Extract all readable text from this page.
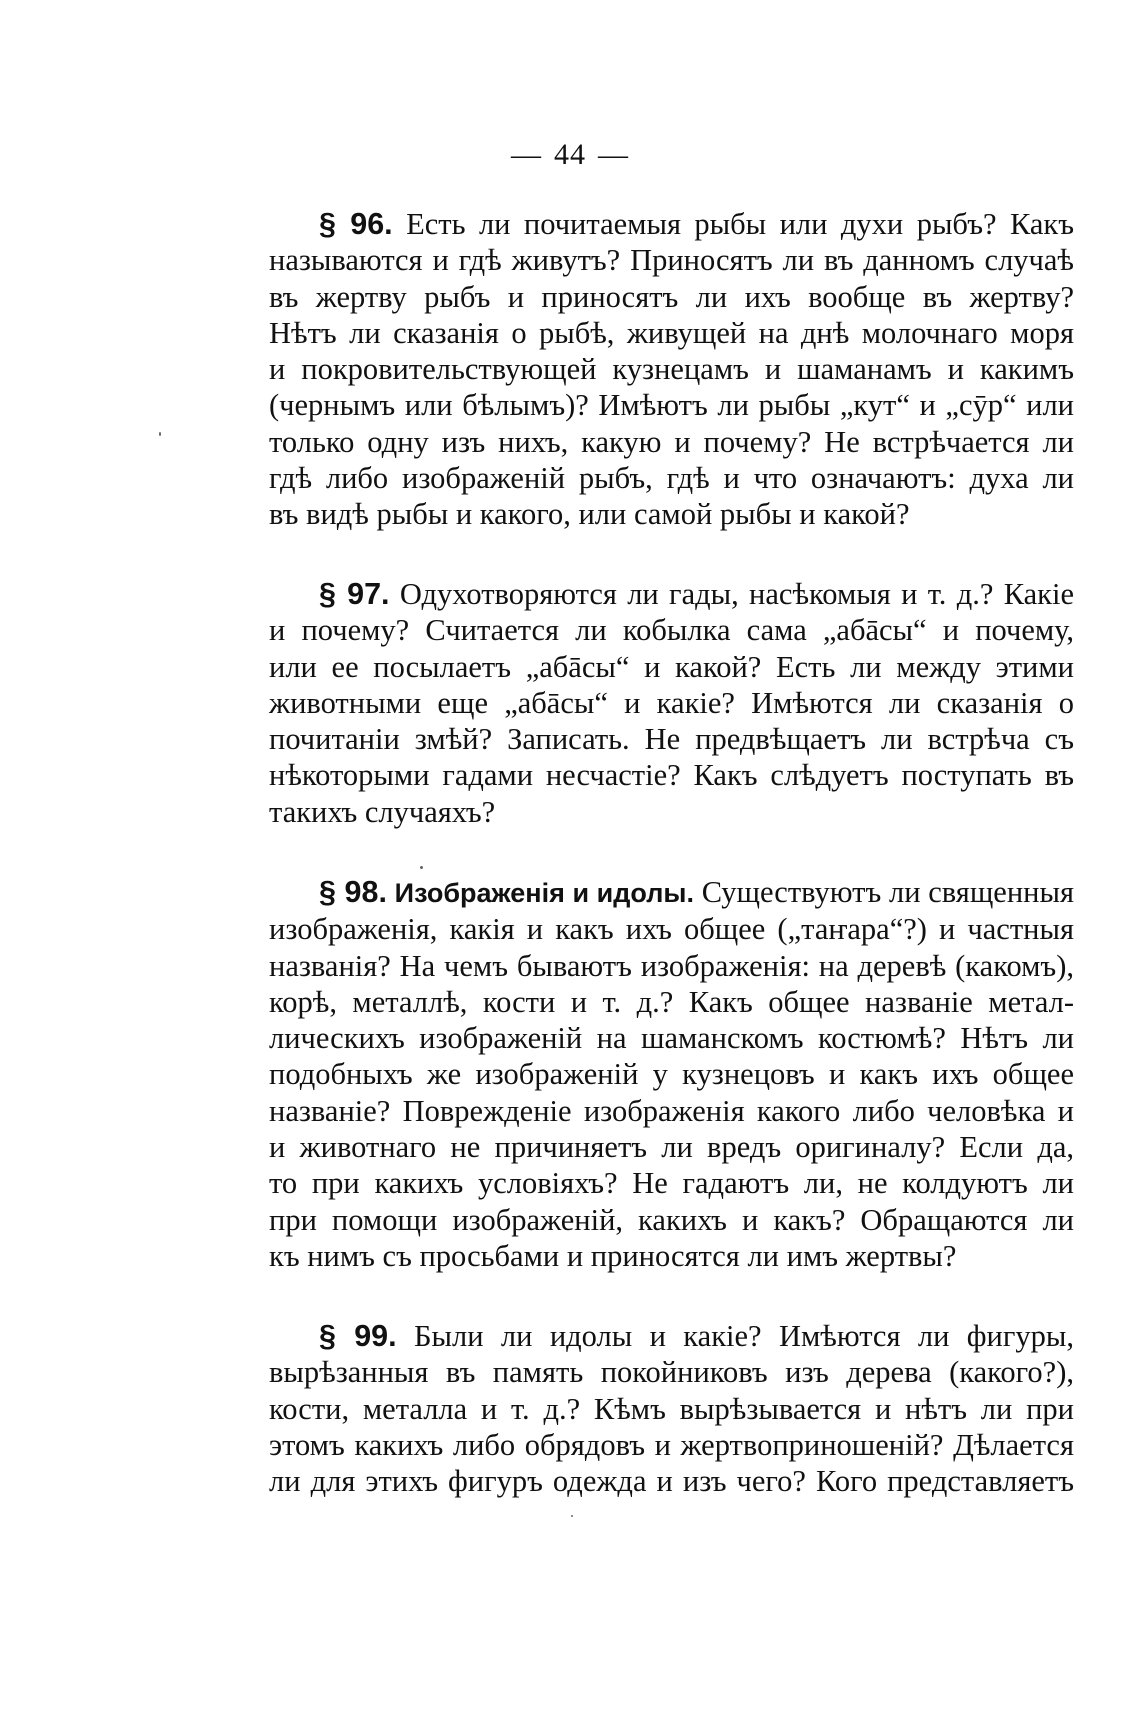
— 44 —
§ 96. Есть ли почитаемыя рыбы или духи рыбъ? Какъ
называются и гдѣ живутъ? Приносятъ ли въ данномъ случаѣ
въ жертву рыбъ и приносятъ ли ихъ вообще въ жертву?
Нѣтъ ли сказанія о рыбѣ, живущей на днѣ молочнаго моря
и покровительствующей кузнецамъ и шаманамъ и какимъ
(чернымъ или бѣлымъ)? Имѣютъ ли рыбы „кут“ и „сӯр“ или
только одну изъ нихъ, какую и почему? Не встрѣчается ли
гдѣ либо изображеній рыбъ, гдѣ и что означаютъ: духа ли
въ видѣ рыбы и какого, или самой рыбы и какой?
§ 97. Одухотворяются ли гады, насѣкомыя и т. д.? Какіе
и почему? Считается ли кобылка сама „абāсы“ и почему,
или ее посылаетъ „абāсы“ и какой? Есть ли между этими
животными еще „абāсы“ и какіе? Имѣются ли сказанія о
почитаніи змѣй? Записать. Не предвѣщаетъ ли встрѣча съ
нѣкоторыми гадами несчастіе? Какъ слѣдуетъ поступать въ
такихъ случаяхъ?
§ 98. Изображенія и идолы. Существуютъ ли священныя
изображенія, какія и какъ ихъ общее („таҥара“?) и частныя
названія? На чемъ бываютъ изображенія: на деревѣ (какомъ),
корѣ, металлѣ, кости и т. д.? Какъ общее названіе метал-
лическихъ изображеній на шаманскомъ костюмѣ? Нѣтъ ли
подобныхъ же изображеній у кузнецовъ и какъ ихъ общее
названіе? Поврежденіе изображенія какого либо человѣка и
и животнаго не причиняетъ ли вредъ оригиналу? Если да,
то при какихъ условіяхъ? Не гадаютъ ли, не колдуютъ ли
при помощи изображеній, какихъ и какъ? Обращаются ли
къ нимъ съ просьбами и приносятся ли имъ жертвы?
§ 99. Были ли идолы и какіе? Имѣются ли фигуры,
вырѣзанныя въ память покойниковъ изъ дерева (какого?),
кости, металла и т. д.? Кѣмъ вырѣзывается и нѣтъ ли при
этомъ какихъ либо обрядовъ и жертвоприношеній? Дѣлается
ли для этихъ фигуръ одежда и изъ чего? Кого представляетъ
